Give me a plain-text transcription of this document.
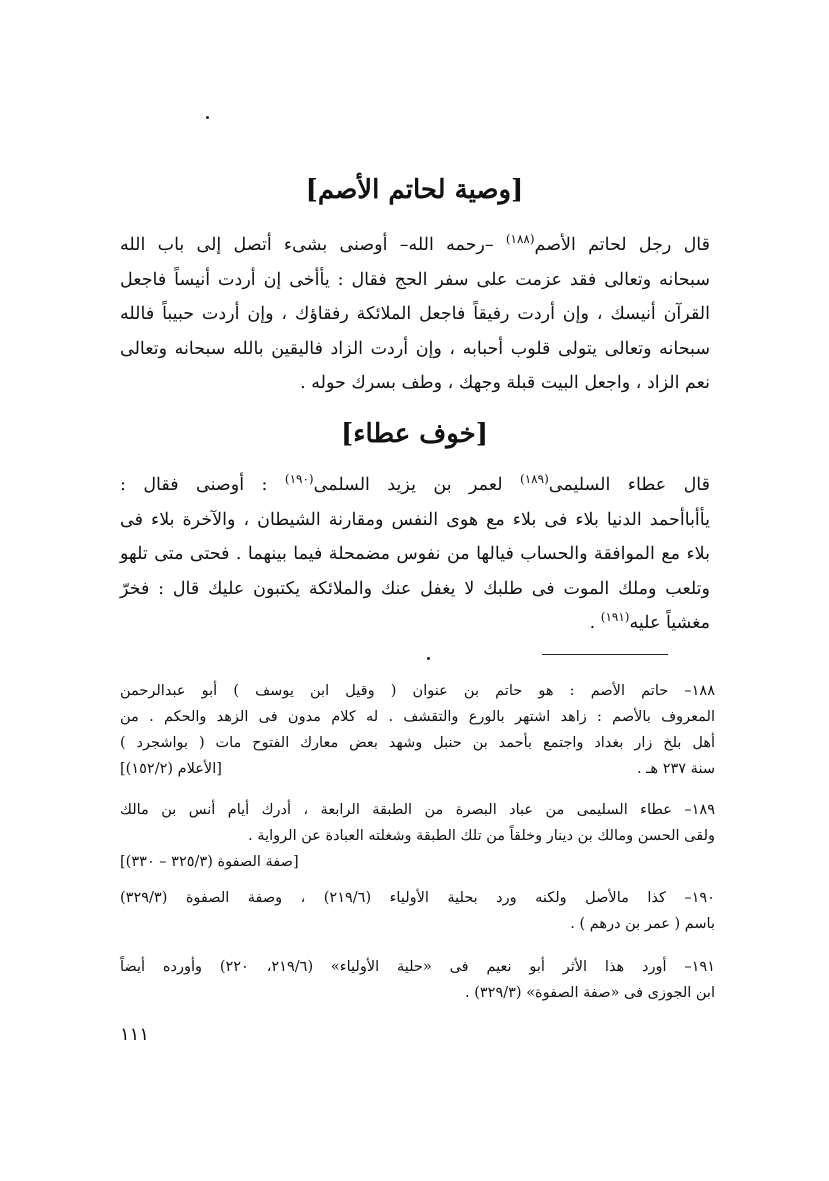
[وصية لحاتم الأصم]
قال رجل لحاتم الأصم$^{(١٨٨)}$ –رحمه الله– أوصنى بشىء أتصل إلى باب الله
سبحانه وتعالى فقد عزمت على سفر الحج فقال : يأأخى إن أردت أنيساً فاجعل
القرآن أنيسك ، وإن أردت رفيقاً فاجعل الملائكة رفقاؤك ، وإن أردت حبيباً فالله
سبحانه وتعالى يتولى قلوب أحبابه ، وإن أردت الزاد فاليقين بالله سبحانه وتعالى
نعم الزاد ، واجعل البيت قبلة وجهك ، وطف بسرك حوله .
[خوف عطاء]
قال عطاء السليمى$^{(١٨٩)}$ لعمر بن يزيد السلمى$^{(١٩٠)}$ : أوصنى فقال :
يأأباأحمد الدنيا بلاء فى بلاء مع هوى النفس ومقارنة الشيطان ، والآخرة بلاء فى
بلاء مع الموافقة والحساب فيالها من نفوس مضمحلة فيما بينهما . فحتى متى تلهو
وتلعب وملك الموت فى طلبك لا يغفل عنك والملائكة يكتبون عليك قال : فخرّ
مغشياً عليه$^{(١٩١)}$ .
١٨٨– حاتم الأصم : هو حاتم بن عنوان ( وقيل ابن يوسف ) أبو عبدالرحمن
المعروف بالأصم : زاهد اشتهر بالورع والتقشف . له كلام مدون فى الزهد والحكم . من
أهل بلخ زار بغداد واجتمع بأحمد بن حنبل وشهد بعض معارك الفتوح مات ( بواشجرد )
سنة ٢٣٧ هـ .
[الأعلام (١٥٢/٢)]
١٨٩– عطاء السليمى من عباد البصرة من الطبقة الرابعة ، أدرك أيام أنس بن مالك
ولقى الحسن ومالك بن دينار وخلقاً من تلك الطبقة وشغلته العبادة عن الرواية .
[صفة الصفوة (٣٢٥/٣ – ٣٣٠)]
١٩٠– كذا مالأصل ولكنه ورد بحلية الأولياء (٢١٩/٦) ، وصفة الصفوة (٣٢٩/٣)
باسم ( عمر بن درهم ) .
١٩١– أورد هذا الأثر أبو نعيم فى «حلية الأولياء» (٢١٩/٦، ٢٢٠) وأورده أيضاً
ابن الجوزى فى «صفة الصفوة» (٣٢٩/٣) .
١١١
